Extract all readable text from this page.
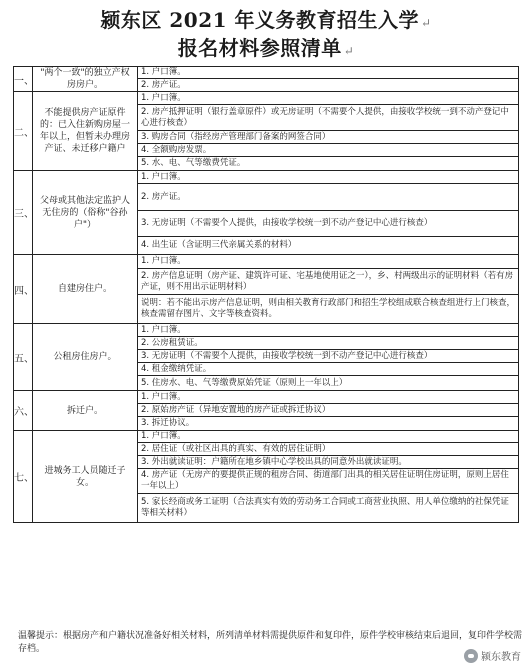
颍东区 2021 年义务教育招生入学 ↵
报名材料参照清单 ↵
一、	"两个一致"的独立产权房房户。	1. 户口簿。
		2. 房产证。
二、	不能提供房产证原件的：已入住新购房屋一年以上，但暂未办理房产证、未迁移户籍户	1. 户口簿。
		2. 房产抵押证明（银行盖章原件）或无房证明（不需要个人提供，由接收学校统一到不动产登记中心进行核查）
		3. 购房合同（指经房产管理部门备案的网签合同）
		4. 全额购房发票。
		5. 水、电、气等缴费凭证。
三、	父母或其他法定监护人无住房的（俗称"谷孙户"）	1. 户口簿。
		2. 房产证。
		3. 无房证明（不需要个人提供，由接收学校统一到不动产登记中心进行核查）
		4. 出生证（含证明三代亲属关系的材料）
四、	自建房住户。	1. 户口簿。
		2. 房产信息证明（房产证、建筑许可证、宅基地使用证之一），乡、村两级出示的证明材料（若有房产证，则不用出示证明材料）
		说明：若不能出示房产信息证明，则由相关教育行政部门和招生学校组成联合核查组进行上门核查，核查需留存图片、文字等核查资料。
五、	公租房住房户。	1. 户口簿。
		2. 公房租赁证。
		3. 无房证明（不需要个人提供，由接收学校统一到不动产登记中心进行核查）
		4. 租金缴纳凭证。
		5. 住房水、电、气等缴费原始凭证（原则上一年以上）
六、	拆迁户。	1. 户口簿。
		2. 原始房产证（异地安置地的房产证或拆迁协议）
		3. 拆迁协议。
七、	进城务工人员随迁子女。	1. 户口簿。
		2. 居住证（或社区出具的真实、有效的居住证明）
		3. 外出就读证明：户籍所在地乡镇中心学校出具的同意外出就读证明。
		4. 房产证（无房产的要提供正规的租房合同、街道部门出具的相关居住证明住房证明，原则上居住一年以上）
		5. 家长经商或务工证明（合法真实有效的劳动务工合同或工商营业执照、用人单位缴纳的社保凭证等相关材料）
温馨提示：根据房产和户籍状况准备好相关材料，所列清单材料需提供原件和复印件，原件学校审核结束后退回，复印件学校需存档。
颍东教育
